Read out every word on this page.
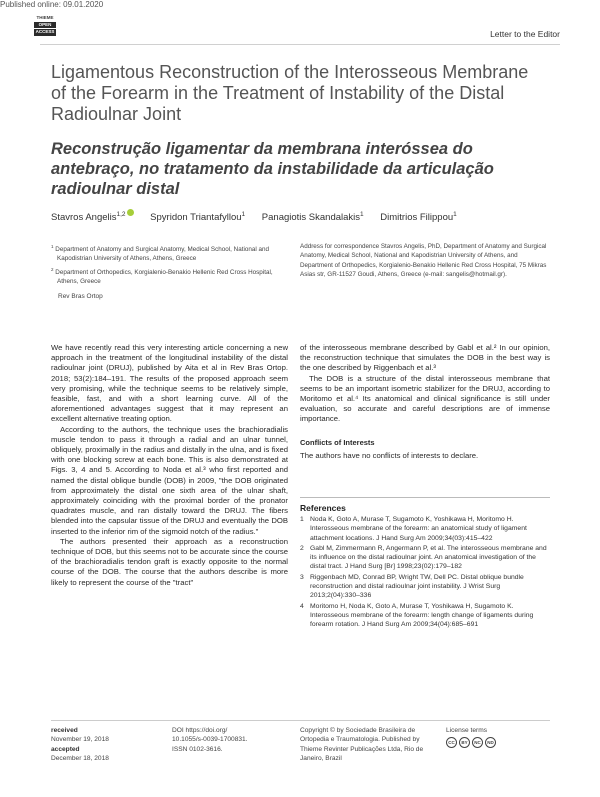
Published online: 09.01.2020
THIEME
OPEN
ACCESS	Letter to the Editor
Ligamentous Reconstruction of the Interosseous Membrane of the Forearm in the Treatment of Instability of the Distal Radioulnar Joint
Reconstrução ligamentar da membrana interóssea do antebraço, no tratamento da instabilidade da articulação radioulnar distal
Stavros Angelis$^{1,2}$	Spyridon Triantafyllou$^1$ Panagiotis Skandalakis$^1$ Dimitrios Filippou$^1$

$^1$ Department of Anatomy and Surgical Anatomy, Medical School, National and Kapodistrian University of Athens, Athens, Greece

$^2$ Department of Orthopedics, Korgialenio-Benakio Hellenic Red Cross Hospital, Athens, Greece

Address for correspondence Stavros Angelis, PhD, Department of Anatomy and Surgical Anatomy, Medical School, National and Kapodistrian University of Athens, and Department of Orthopedics, Korgialenio-Benakio Hellenic Red Cross Hospital, 75 Mikras Asias str, GR-11527 Goudi, Athens, Greece (e-mail: sangelis@hotmail.gr).

Rev Bras Ortop

We have recently read this very interesting article concerning a new approach in the treatment of the longitudinal instability of the distal radioulnar joint (DRUJ), published by Aita et al in Rev Bras Ortop. 2018; 53(2):184–191. The results of the proposed approach seem very promising, while the technique seems to be relatively simple, feasible, fast, and with a short learning curve. All of the aforementioned advantages suggest that it may represent an excellent alternative treating option.

According to the authors, the technique uses the brachioradialis muscle tendon to pass it through a radial and an ulnar tunnel, obliquely, proximally in the radius and distally in the ulna, and is fixed with one blocking screw at each bone. This is also demonstrated at Figs. 3, 4 and 5. According to Noda et al.³ who first reported and named the distal oblique bundle (DOB) in 2009, "the DOB originated from approximately the distal one sixth area of the ulnar shaft, approximately coinciding with the proximal border of the pronator quadrates muscle, and ran distally toward the DRUJ. The fibers blended into the capsular tissue of the DRUJ and eventually the DOB inserted to the inferior rim of the sigmoid notch of the radius."

The authors presented their approach as a reconstruction technique of DOB, but this seems not to be accurate since the course of the brachioradialis tendon graft is exactly opposite to the normal course of the DOB. The course that the authors describe is more likely to represent the course of the "tract"

of the interosseous membrane described by Gabl et al.² In our opinion, the reconstruction technique that simulates the DOB in the best way is the one described by Riggenbach et al.³

The DOB is a structure of the distal interosseous membrane that seems to be an important isometric stabilizer for the DRUJ, according to Moritomo et al.⁴ Its anatomical and clinical significance is still under evaluation, so accurate and careful descriptions are of immense importance.

Conflicts of Interests
The authors have no conflicts of interests to declare.
References
1 Noda K, Goto A, Murase T, Sugamoto K, Yoshikawa H, Moritomo H. Interosseous membrane of the forearm: an anatomical study of ligament attachment locations. J Hand Surg Am 2009;34(03):415–422
2 Gabl M, Zimmermann R, Angermann P, et al. The interosseous membrane and its influence on the distal radioulnar joint. An anatomical investigation of the distal tract. J Hand Surg [Br] 1998;23(02):179–182
3 Riggenbach MD, Conrad BP, Wright TW, Dell PC. Distal oblique bundle reconstruction and distal radioulnar joint instability. J Wrist Surg 2013;2(04):330–336
4 Moritomo H, Noda K, Goto A, Murase T, Yoshikawa H, Sugamoto K. Interosseous membrane of the forearm: length change of ligaments during forearm rotation. J Hand Surg Am 2009;34(04):685–691
received
November 19, 2018
accepted
December 18, 2018
DOI https://doi.org/
10.1055/s-0039-1700831.
ISSN 0102-3616.
Copyright © by Sociedade Brasileira de Ortopedia e Traumatologia. Published by Thieme Revinter Publicações Ltda, Rio de Janeiro, Brazil
License terms
CC	BY	NC	ND
